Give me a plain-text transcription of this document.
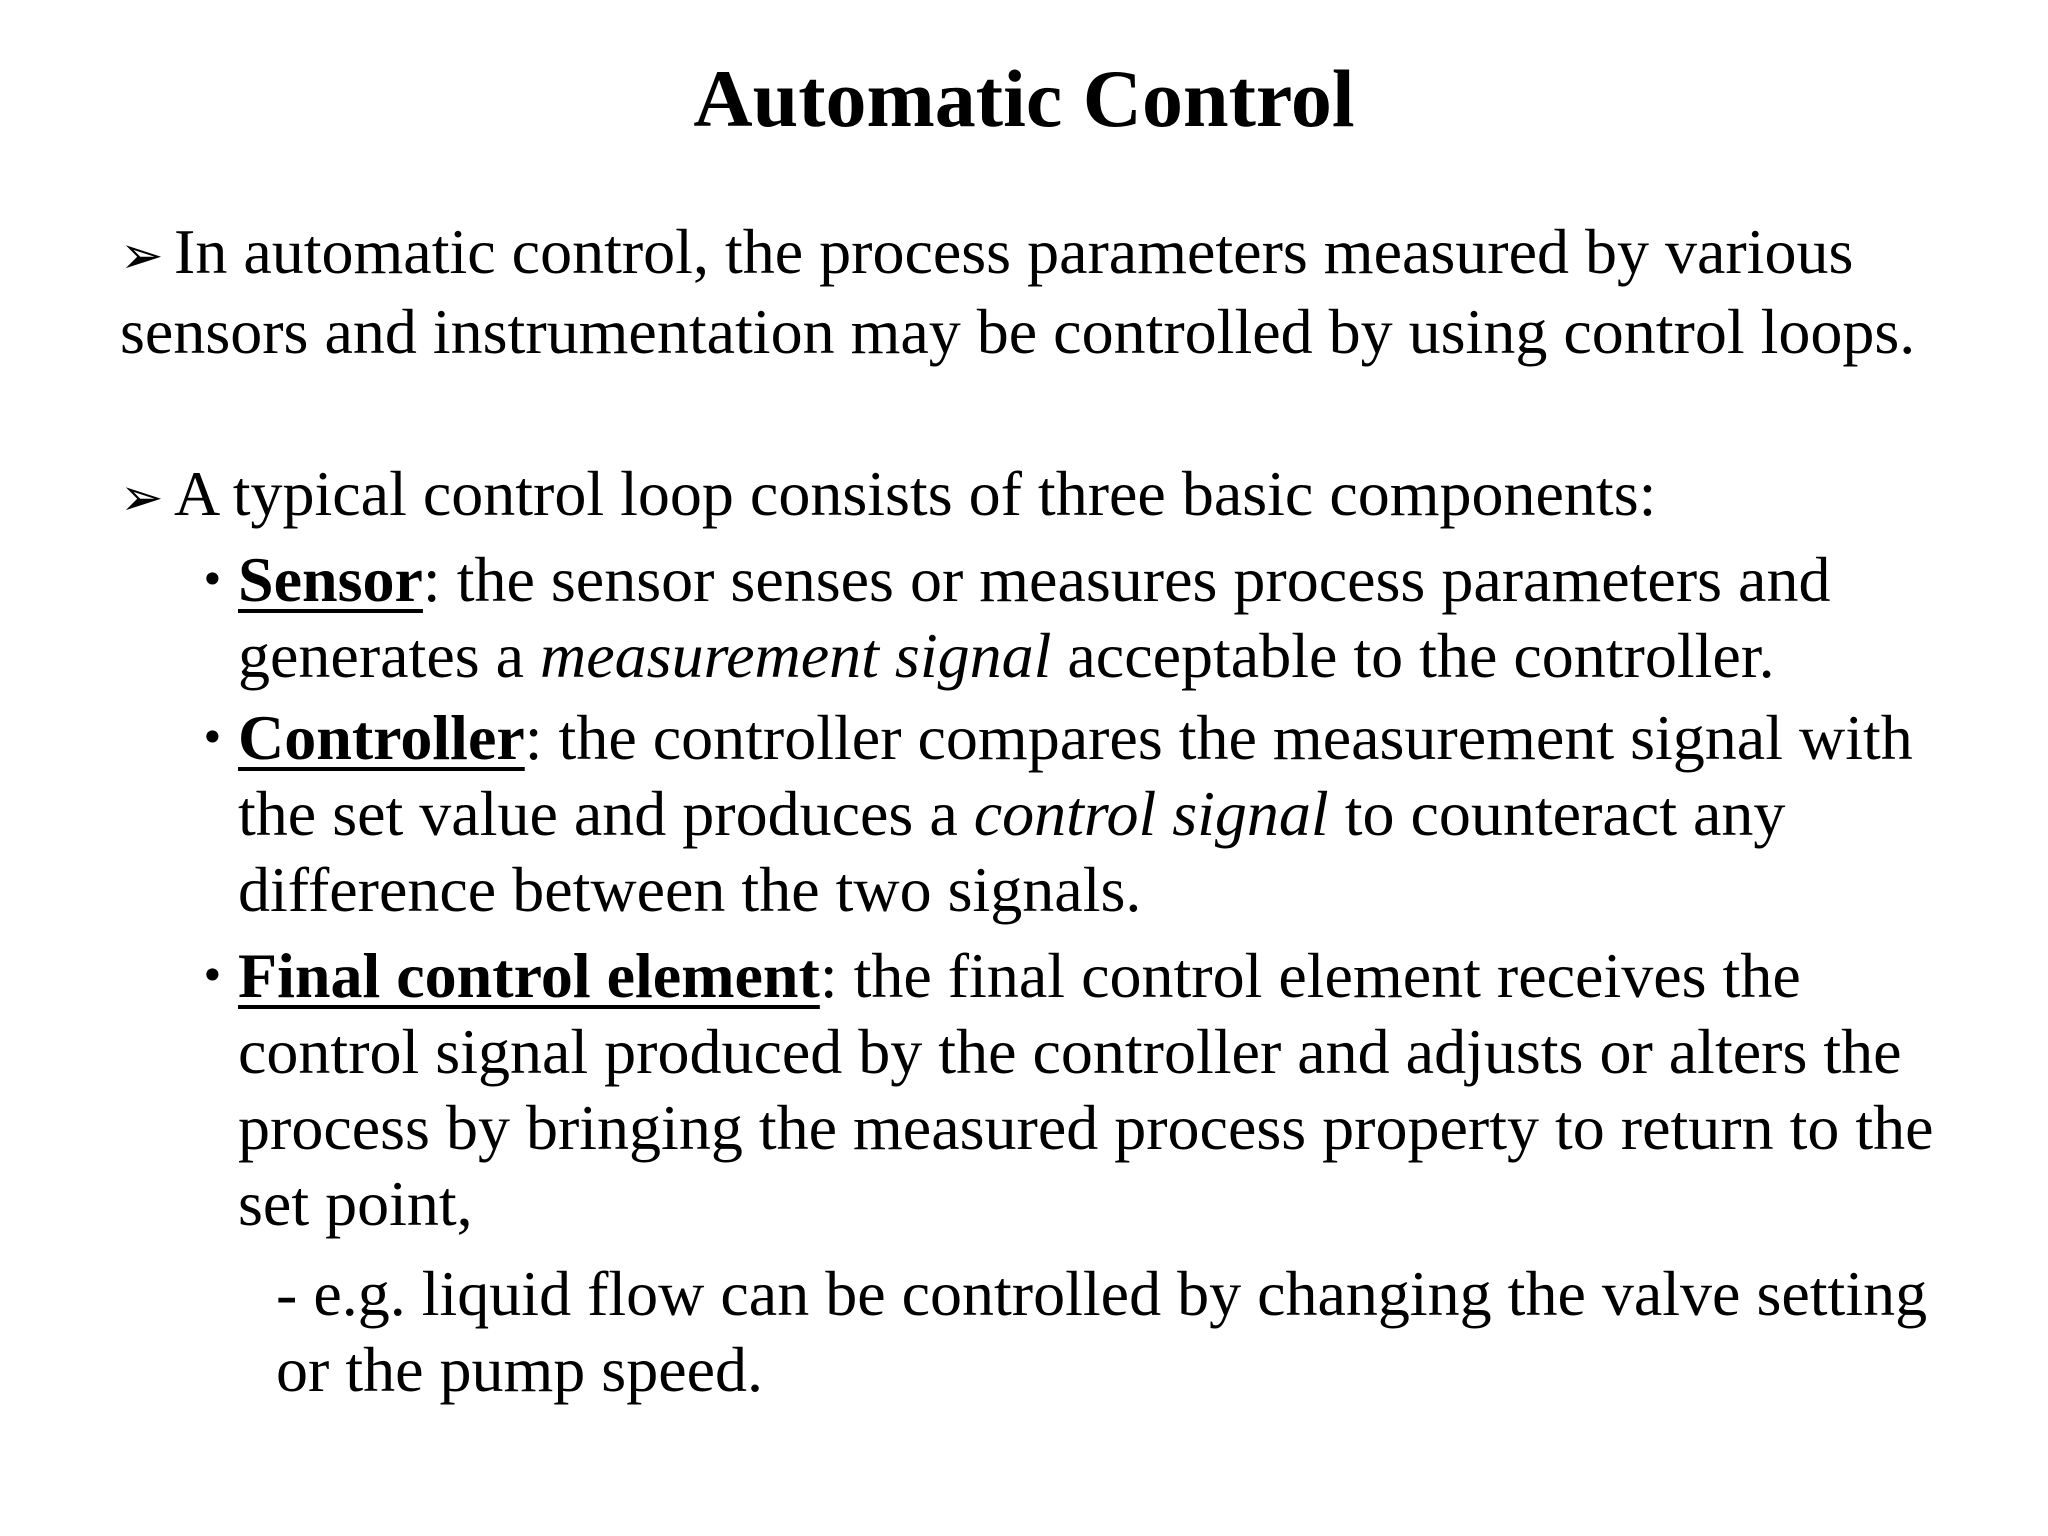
Automatic Control
➢ In automatic control, the process parameters measured by various sensors and instrumentation may be controlled by using control loops.
➢ A typical control loop consists of three basic components:
• Sensor: the sensor senses or measures process parameters and generates a measurement signal acceptable to the controller.
• Controller: the controller compares the measurement signal with the set value and produces a control signal to counteract any difference between the two signals.
• Final control element: the final control element receives the control signal produced by the controller and adjusts or alters the process by bringing the measured process property to return to the set point,
- e.g. liquid flow can be controlled by changing the valve setting or the pump speed.
